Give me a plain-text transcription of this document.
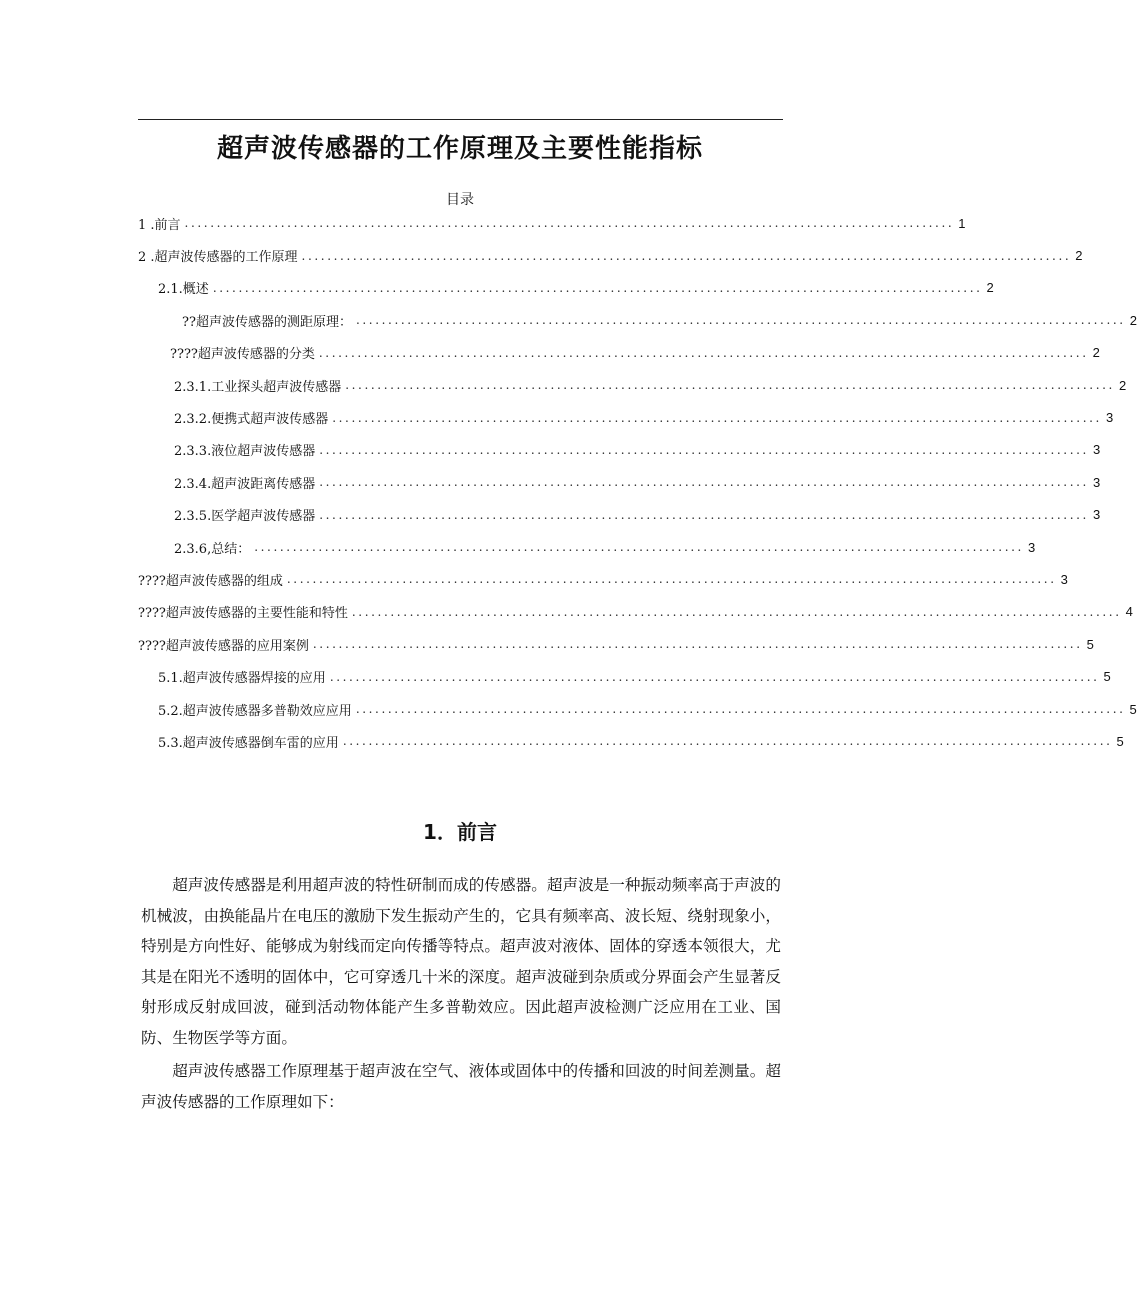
超声波传感器的工作原理及主要性能指标
目录
1 .前言 ........................................................................................................................ 1
2 .超声波传感器的工作原理 ........................................................................................................................ 2
2.1.概述 ........................................................................................................................ 2
??超声波传感器的测距原理： ........................................................................................................................ 2
????超声波传感器的分类 ........................................................................................................................ 2
2.3.1.工业探头超声波传感器 ........................................................................................................................ 2
2.3.2.便携式超声波传感器 ........................................................................................................................ 3
2.3.3.液位超声波传感器 ........................................................................................................................ 3
2.3.4.超声波距离传感器 ........................................................................................................................ 3
2.3.5.医学超声波传感器 ........................................................................................................................ 3
2.3.6,总结： ........................................................................................................................ 3
????超声波传感器的组成 ........................................................................................................................ 3
????超声波传感器的主要性能和特性 ........................................................................................................................ 4
????超声波传感器的应用案例 ........................................................................................................................ 5
5.1.超声波传感器焊接的应用 ........................................................................................................................ 5
5.2.超声波传感器多普勒效应应用 ........................................................................................................................ 5
5.3.超声波传感器倒车雷的应用 ........................................................................................................................ 5
1．前言

超声波传感器是利用超声波的特性研制而成的传感器。超声波是一种振动频率高于声波的机械波，由换能晶片在电压的激励下发生振动产生的，它具有频率高、波长短、绕射现象小，特别是方向性好、能够成为射线而定向传播等特点。超声波对液体、固体的穿透本领很大，尤其是在阳光不透明的固体中，它可穿透几十米的深度。超声波碰到杂质或分界面会产生显著反射形成反射成回波，碰到活动物体能产生多普勒效应。因此超声波检测广泛应用在工业、国防、生物医学等方面。

超声波传感器工作原理基于超声波在空气、液体或固体中的传播和回波的时间差测量。超声波传感器的工作原理如下：
